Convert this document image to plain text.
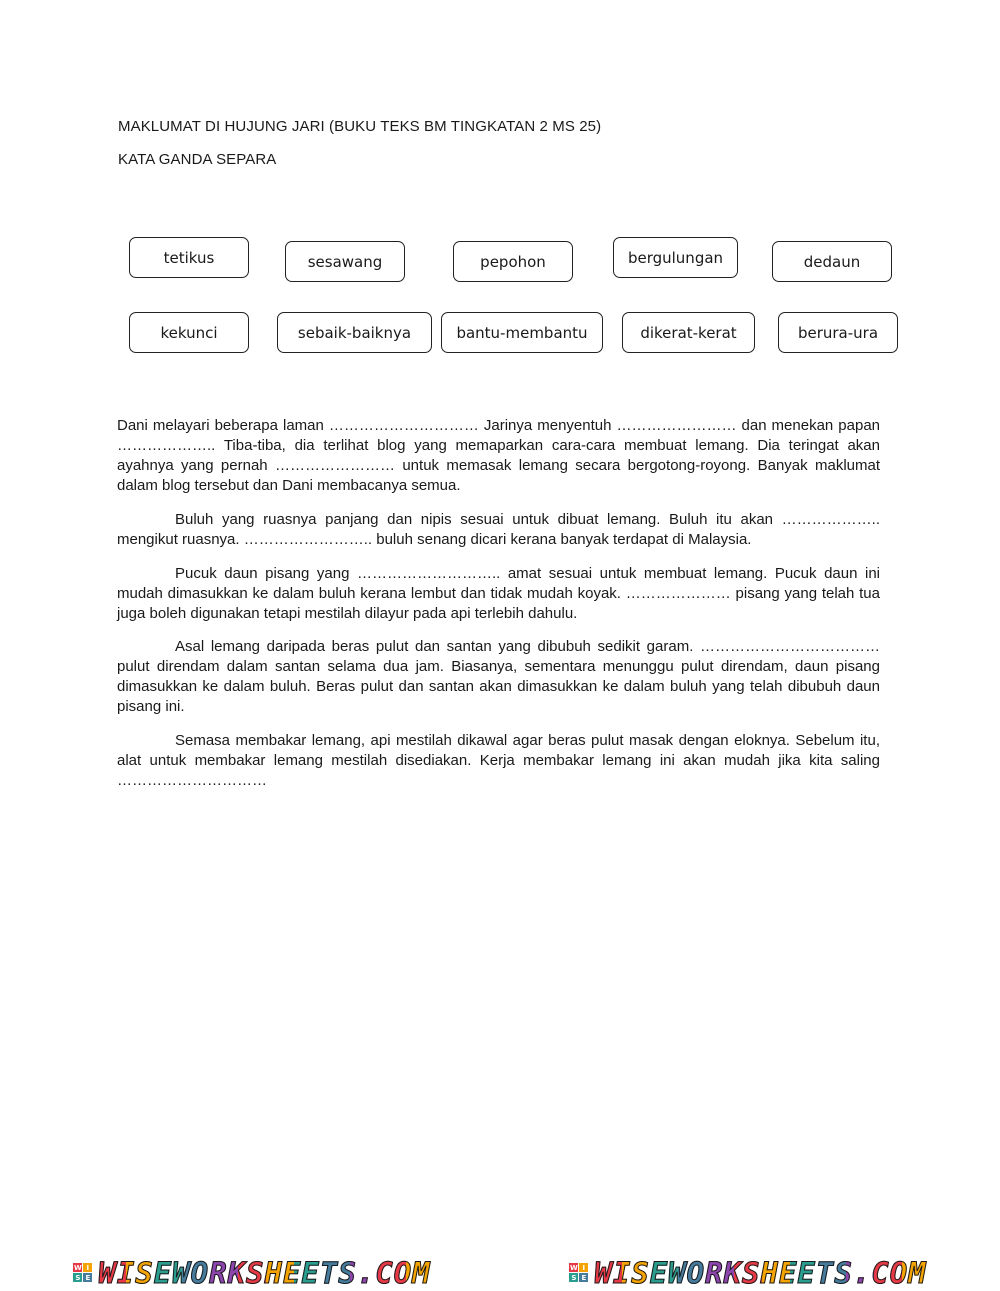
MAKLUMAT DI HUJUNG JARI (BUKU TEKS BM TINGKATAN 2 MS 25)
KATA GANDA SEPARA
tetikus	sesawang	pepohon	bergulungan	dedaun
kekunci	sebaik-baiknya	bantu-membantu	dikerat-kerat	berura-ura

Dani melayari beberapa laman ………………………… Jarinya menyentuh …………………… dan menekan papan ……………….. Tiba-tiba, dia terlihat blog yang memaparkan cara-cara membuat lemang. Dia teringat akan ayahnya yang pernah …………………… untuk memasak lemang secara bergotong-royong. Banyak maklumat dalam blog tersebut dan Dani membacanya semua.

Buluh yang ruasnya panjang dan nipis sesuai untuk dibuat lemang. Buluh itu akan ……………….. mengikut ruasnya. …………………….. buluh senang dicari kerana banyak terdapat di Malaysia.

Pucuk daun pisang yang ……………………….. amat sesuai untuk membuat lemang. Pucuk daun ini mudah dimasukkan ke dalam buluh kerana lembut dan tidak mudah koyak. ………………… pisang yang telah tua juga boleh digunakan tetapi mestilah dilayur pada api terlebih dahulu.

Asal lemang daripada beras pulut dan santan yang dibubuh sedikit garam. ……………………………… pulut direndam dalam santan selama dua jam. Biasanya, sementara menunggu pulut direndam, daun pisang dimasukkan ke dalam buluh. Beras pulut dan santan akan dimasukkan ke dalam buluh yang telah dibubuh daun pisang ini.

Semasa membakar lemang, api mestilah dikawal agar beras pulut masak dengan eloknya. Sebelum itu, alat untuk membakar lemang mestilah disediakan. Kerja membakar lemang ini akan mudah jika kita saling …………………………

W I
S E WISEWORKSHEETS.COM	W I
S E WISEWORKSHEETS.COM
